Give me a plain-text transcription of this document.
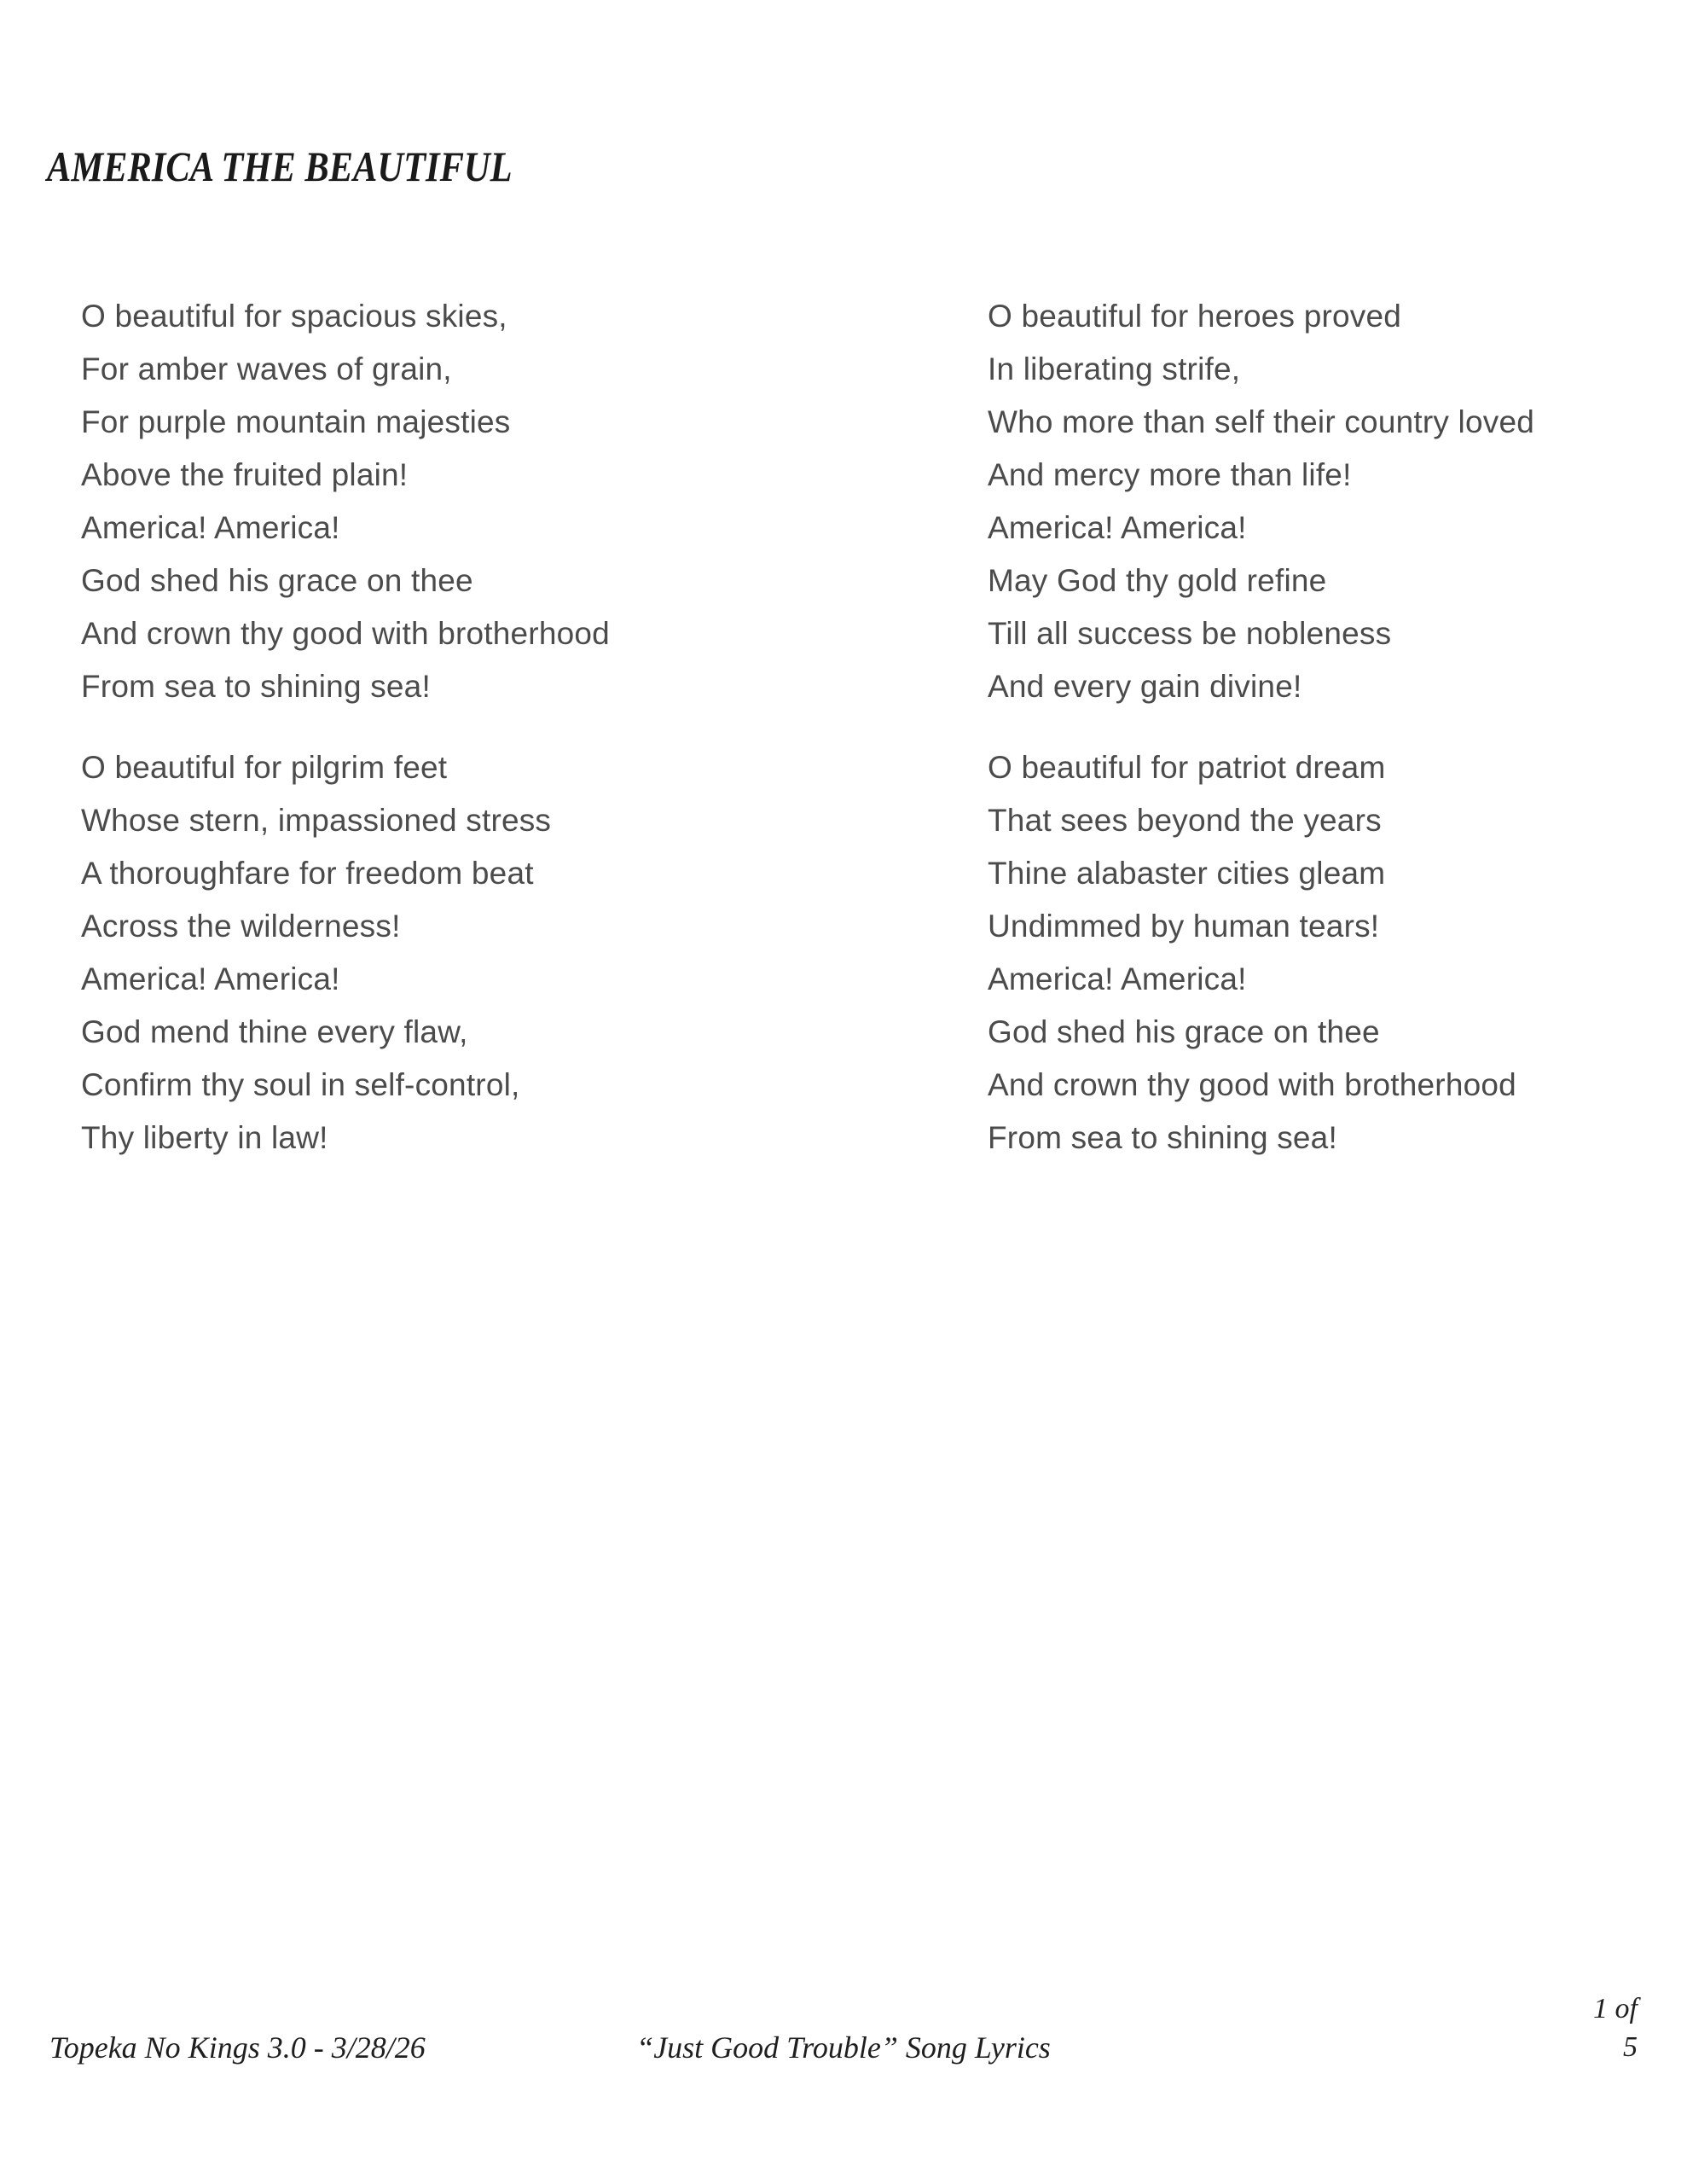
AMERICA THE BEAUTIFUL
O beautiful for spacious skies,
For amber waves of grain,
For purple mountain majesties
Above the fruited plain!
America! America!
God shed his grace on thee
And crown thy good with brotherhood
From sea to shining sea!
O beautiful for pilgrim feet
Whose stern, impassioned stress
A thoroughfare for freedom beat
Across the wilderness!
America! America!
God mend thine every flaw,
Confirm thy soul in self-control,
Thy liberty in law!
O beautiful for heroes proved
In liberating strife,
Who more than self their country loved
And mercy more than life!
America! America!
May God thy gold refine
Till all success be nobleness
And every gain divine!
O beautiful for patriot dream
That sees beyond the years
Thine alabaster cities gleam
Undimmed by human tears!
America! America!
God shed his grace on thee
And crown thy good with brotherhood
From sea to shining sea!
Topeka No Kings 3.0 - 3/28/26	“Just Good Trouble” Song Lyrics
1 of
5
